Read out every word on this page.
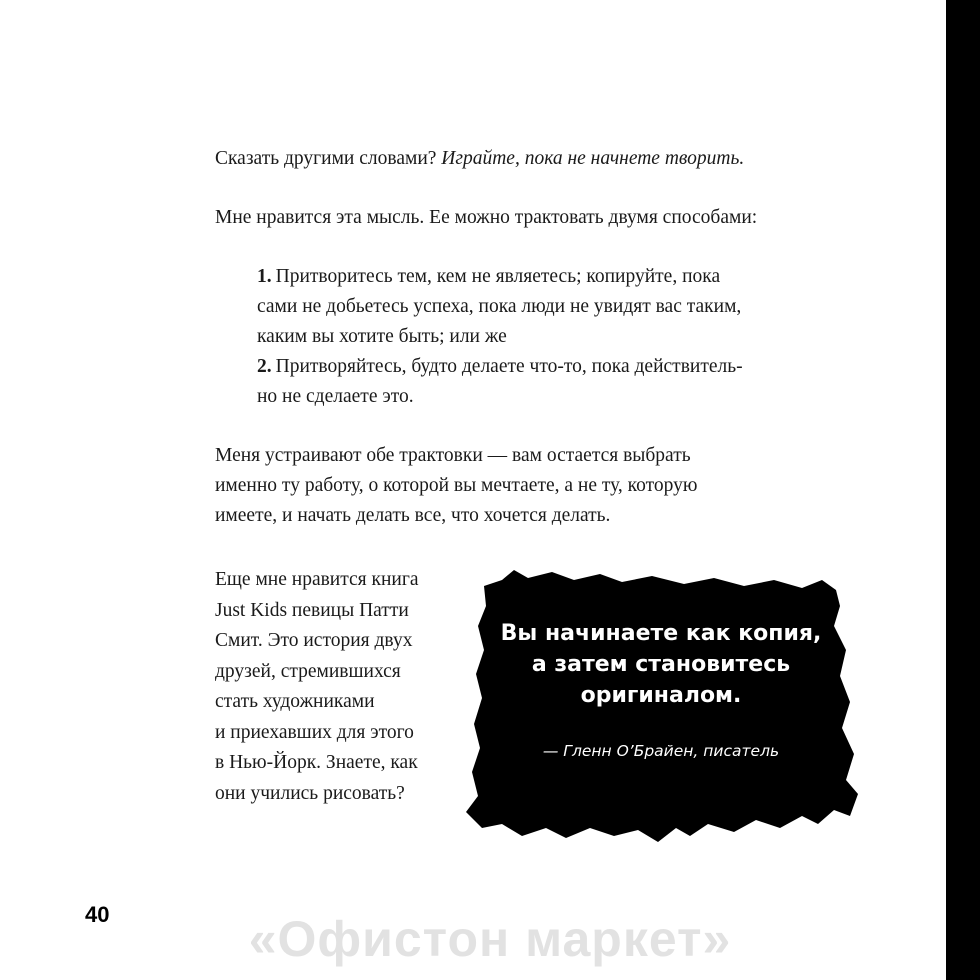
Сказать другими словами? Играйте, пока не начнете творить.

Мне нравится эта мысль. Ее можно трактовать двумя способами:

1. Притворитесь тем, кем не являетесь; копируйте, пока
сами не добьетесь успеха, пока люди не увидят вас таким,
каким вы хотите быть; или же
2. Притворяйтесь, будто делаете что-то, пока действитель-
но не сделаете это.

Меня устраивают обе трактовки — вам остается выбрать
именно ту работу, о которой вы мечтаете, а не ту, которую
имеете, и начать делать все, что хочется делать.

Еще мне нравится книга
Just Kids певицы Патти
Смит. Это история двух
друзей, стремившихся
стать художниками
и приехавших для этого
в Нью-Йорк. Знаете, как
они учились рисовать?

Вы начинаете как копия,
а затем становитесь
оригиналом.
— Гленн О’Брайен, писатель
40	«Офистон маркет»
